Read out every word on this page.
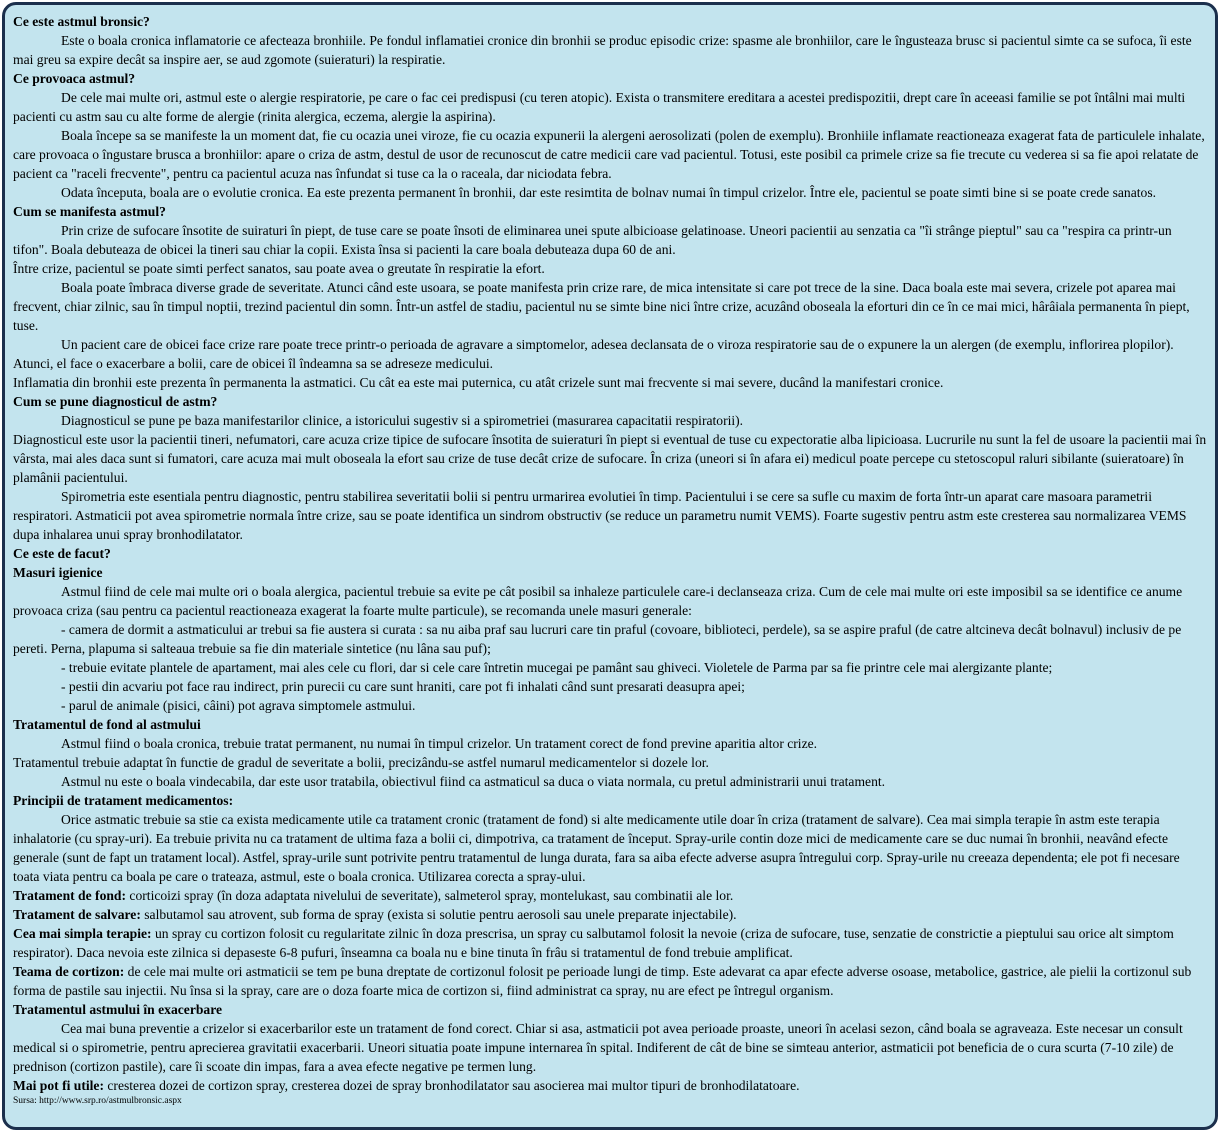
Ce este astmul bronsic?
Este o boala cronica inflamatorie ce afecteaza bronhiile. Pe fondul inflamatiei cronice din bronhii se produc episodic crize: spasme ale bronhiilor, care le îngusteaza brusc si pacientul simte ca se sufoca, îi este mai greu sa expire decât sa inspire aer, se aud zgomote (suieraturi) la respiratie.
Ce provoaca astmul?
De cele mai multe ori, astmul este o alergie respiratorie, pe care o fac cei predispusi (cu teren atopic). Exista o transmitere ereditara a acestei predispozitii, drept care în aceeasi familie se pot întâlni mai multi pacienti cu astm sau cu alte forme de alergie (rinita alergica, eczema, alergie la aspirina).
Boala începe sa se manifeste la un moment dat, fie cu ocazia unei viroze, fie cu ocazia expunerii la alergeni aerosolizati (polen de exemplu). Bronhiile inflamate reactioneaza exagerat fata de particulele inhalate, care provoaca o îngustare brusca a bronhiilor: apare o criza de astm, destul de usor de recunoscut de catre medicii care vad pacientul. Totusi, este posibil ca primele crize sa fie trecute cu vederea si sa fie apoi relatate de pacient ca "raceli frecvente", pentru ca pacientul acuza nas înfundat si tuse ca la o raceala, dar niciodata febra.
Odata începuta, boala are o evolutie cronica. Ea este prezenta permanent în bronhii, dar este resimtita de bolnav numai în timpul crizelor. Între ele, pacientul se poate simti bine si se poate crede sanatos.
Cum se manifesta astmul?
Prin crize de sufocare însotite de suiraturi în piept, de tuse care se poate însoti de eliminarea unei spute albicioase gelatinoase. Uneori pacientii au senzatia ca "îi strânge pieptul" sau ca "respira ca printr-un tifon". Boala debuteaza de obicei la tineri sau chiar la copii. Exista însa si pacienti la care boala debuteaza dupa 60 de ani.
Între crize, pacientul se poate simti perfect sanatos, sau poate avea o greutate în respiratie la efort.
Boala poate îmbraca diverse grade de severitate. Atunci când este usoara, se poate manifesta prin crize rare, de mica intensitate si care pot trece de la sine. Daca boala este mai severa, crizele pot aparea mai frecvent, chiar zilnic, sau în timpul noptii, trezind pacientul din somn. Într-un astfel de stadiu, pacientul nu se simte bine nici între crize, acuzând oboseala la eforturi din ce în ce mai mici, hârâiala permanenta în piept, tuse.
Un pacient care de obicei face crize rare poate trece printr-o perioada de agravare a simptomelor, adesea declansata de o viroza respiratorie sau de o expunere la un alergen (de exemplu, inflorirea plopilor). Atunci, el face o exacerbare a bolii, care de obicei îl îndeamna sa se adreseze medicului.
Inflamatia din bronhii este prezenta în permanenta la astmatici. Cu cât ea este mai puternica, cu atât crizele sunt mai frecvente si mai severe, ducând la manifestari cronice.
Cum se pune diagnosticul de astm?
Diagnosticul se pune pe baza manifestarilor clinice, a istoricului sugestiv si a spirometriei (masurarea capacitatii respiratorii).
Diagnosticul este usor la pacientii tineri, nefumatori, care acuza crize tipice de sufocare însotita de suieraturi în piept si eventual de tuse cu expectoratie alba lipicioasa. Lucrurile nu sunt la fel de usoare la pacientii mai în vârsta, mai ales daca sunt si fumatori, care acuza mai mult oboseala la efort sau crize de tuse decât crize de sufocare. În criza (uneori si în afara ei) medicul poate percepe cu stetoscopul raluri sibilante (suieratoare) în plamânii pacientului.
Spirometria este esentiala pentru diagnostic, pentru stabilirea severitatii bolii si pentru urmarirea evolutiei în timp. Pacientului i se cere sa sufle cu maxim de forta într-un aparat care masoara parametrii respiratori. Astmaticii pot avea spirometrie normala între crize, sau se poate identifica un sindrom obstructiv (se reduce un parametru numit VEMS). Foarte sugestiv pentru astm este cresterea sau normalizarea VEMS dupa inhalarea unui spray bronhodilatator.
Ce este de facut?
Masuri igienice
Astmul fiind de cele mai multe ori o boala alergica, pacientul trebuie sa evite pe cât posibil sa inhaleze particulele care-i declanseaza criza. Cum de cele mai multe ori este imposibil sa se identifice ce anume provoaca criza (sau pentru ca pacientul reactioneaza exagerat la foarte multe particule), se recomanda unele masuri generale:
- camera de dormit a astmaticului ar trebui sa fie austera si curata : sa nu aiba praf sau lucruri care tin praful (covoare, biblioteci, perdele), sa se aspire praful (de catre altcineva decât bolnavul) inclusiv de pe pereti. Perna, plapuma si salteaua trebuie sa fie din materiale sintetice (nu lâna sau puf);
- trebuie evitate plantele de apartament, mai ales cele cu flori, dar si cele care întretin mucegai pe pamânt sau ghiveci. Violetele de Parma par sa fie printre cele mai alergizante plante;
- pestii din acvariu pot face rau indirect, prin purecii cu care sunt hraniti, care pot fi inhalati când sunt presarati deasupra apei;
- parul de animale (pisici, câini) pot agrava simptomele astmului.
Tratamentul de fond al astmului
Astmul fiind o boala cronica, trebuie tratat permanent, nu numai în timpul crizelor. Un tratament corect de fond previne aparitia altor crize.
Tratamentul trebuie adaptat în functie de gradul de severitate a bolii, precizându-se astfel numarul medicamentelor si dozele lor.
Astmul nu este o boala vindecabila, dar este usor tratabila, obiectivul fiind ca astmaticul sa duca o viata normala, cu pretul administrarii unui tratament.
Principii de tratament medicamentos:
Orice astmatic trebuie sa stie ca exista medicamente utile ca tratament cronic (tratament de fond) si alte medicamente utile doar în criza (tratament de salvare). Cea mai simpla terapie în astm este terapia inhalatorie (cu spray-uri). Ea trebuie privita nu ca tratament de ultima faza a bolii ci, dimpotriva, ca tratament de început. Spray-urile contin doze mici de medicamente care se duc numai în bronhii, neavând efecte generale (sunt de fapt un tratament local). Astfel, spray-urile sunt potrivite pentru tratamentul de lunga durata, fara sa aiba efecte adverse asupra întregului corp. Spray-urile nu creeaza dependenta; ele pot fi necesare toata viata pentru ca boala pe care o trateaza, astmul, este o boala cronica. Utilizarea corecta a spray-ului.
Tratament de fond: corticoizi spray (în doza adaptata nivelului de severitate), salmeterol spray, montelukast, sau combinatii ale lor.
Tratament de salvare: salbutamol sau atrovent, sub forma de spray (exista si solutie pentru aerosoli sau unele preparate injectabile).
Cea mai simpla terapie: un spray cu cortizon folosit cu regularitate zilnic în doza prescrisa, un spray cu salbutamol folosit la nevoie (criza de sufocare, tuse, senzatie de constrictie a pieptului sau orice alt simptom respirator). Daca nevoia este zilnica si depaseste 6-8 pufuri, înseamna ca boala nu e bine tinuta în frâu si tratamentul de fond trebuie amplificat.
Teama de cortizon: de cele mai multe ori astmaticii se tem pe buna dreptate de cortizonul folosit pe perioade lungi de timp. Este adevarat ca apar efecte adverse osoase, metabolice, gastrice, ale pielii la cortizonul sub forma de pastile sau injectii. Nu însa si la spray, care are o doza foarte mica de cortizon si, fiind administrat ca spray, nu are efect pe întregul organism.
Tratamentul astmului în exacerbare
Cea mai buna preventie a crizelor si exacerbarilor este un tratament de fond corect. Chiar si asa, astmaticii pot avea perioade proaste, uneori în acelasi sezon, când boala se agraveaza. Este necesar un consult medical si o spirometrie, pentru aprecierea gravitatii exacerbarii. Uneori situatia poate impune internarea în spital. Indiferent de cât de bine se simteau anterior, astmaticii pot beneficia de o cura scurta (7-10 zile) de prednison (cortizon pastile), care îi scoate din impas, fara a avea efecte negative pe termen lung.
Mai pot fi utile: cresterea dozei de cortizon spray, cresterea dozei de spray bronhodilatator sau asocierea mai multor tipuri de bronhodilatatoare.
Sursa: http://www.srp.ro/astmulbronsic.aspx
